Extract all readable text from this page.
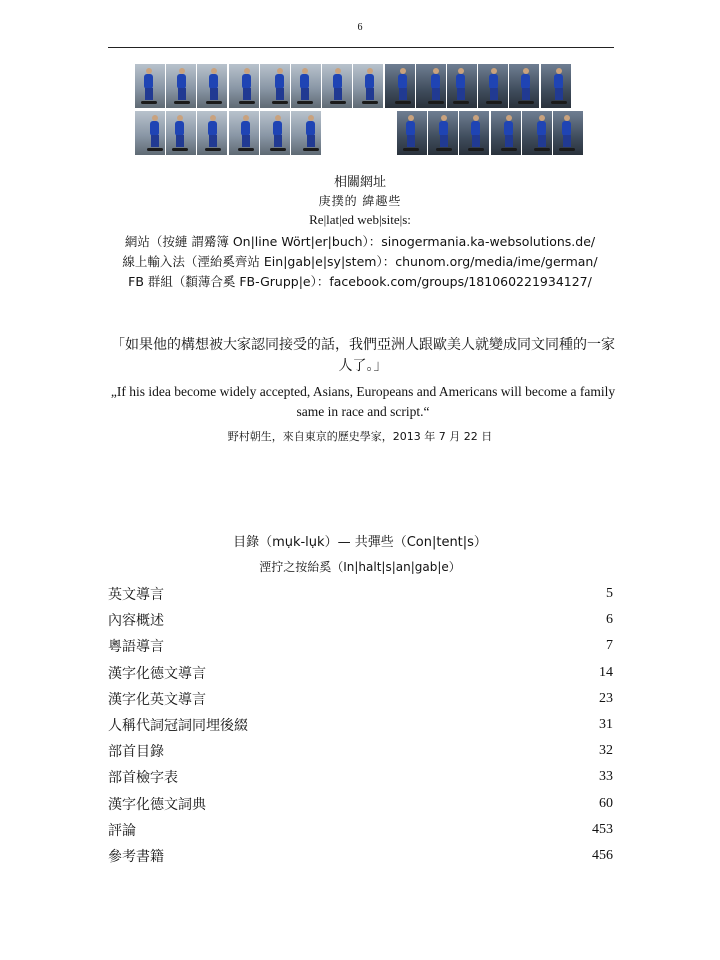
6
相關網址
庚撲的 緯趣些
Re|lat|ed web|site|s:
網站（按縺 謂觱簿 On|line Wört|er|buch）：sinogermania.ka-websolutions.de/
線上輸入法（湮紿奚齊站 Ein|gab|e|sy|stem）：chunom.org/media/ime/german/
FB 群組（纇薄合奚 FB-Grupp|e）：facebook.com/groups/181060221934127/
「如果他的構想被大家認同接受的話，我們亞洲人跟歐美人就變成同文同種的一家人了。」
„If his idea become widely accepted, Asians, Europeans and Americans will become a family same in race and script.“
野村朝生，來自東京的歷史學家，2013 年 7 月 22 日
目錄（mụk-lụk）— 共彈些（Con|tent|s）
湮拧之按紿奚（In|halt|s|an|gab|e）
英文導言	5
內容概述	6
粵語導言	7
漢字化德文導言	14
漢字化英文導言	23
人稱代詞冠詞同埋後綴	31
部首目錄	32
部首檢字表	33
漢字化德文詞典	60
評論	453
參考書籍	456
